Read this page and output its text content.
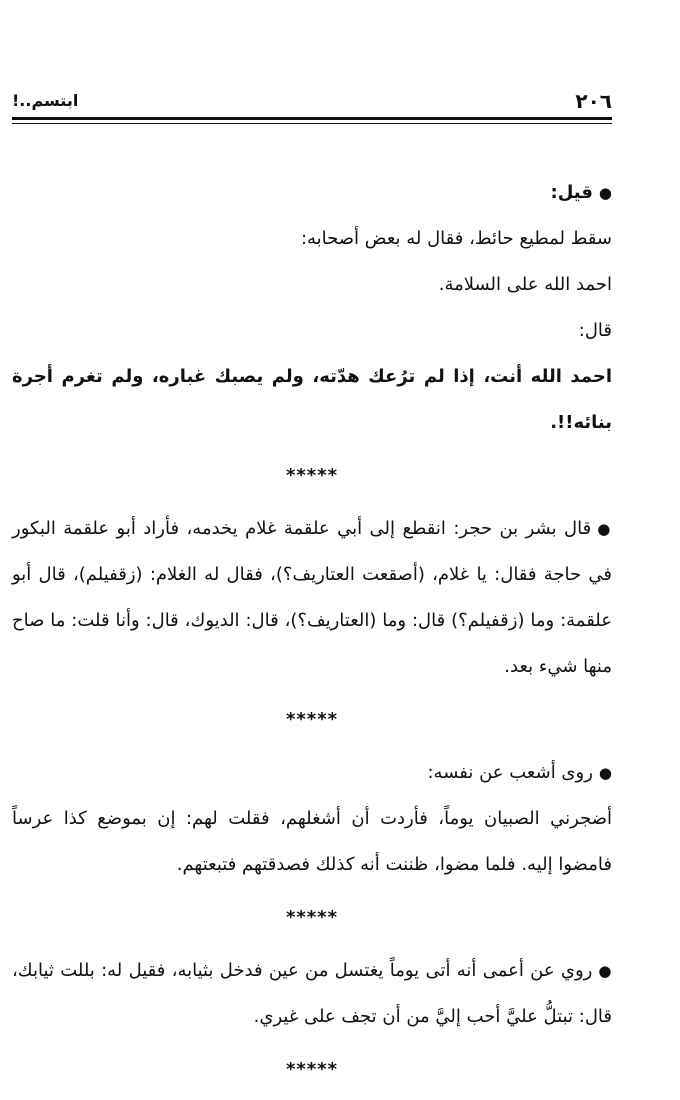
٢٠٦
ابتسم..!

●قيل:

سقط لمطيع حائط، فقال له بعض أصحابه:

احمد الله على السلامة.

قال:

احمد الله أنت، إذا لم ترُعك هدّته، ولم يصبك غباره، ولم تغرم أجرة بنائه!!.

*****

●قال بشر بن حجر: انقطع إلى أبي علقمة غلام يخدمه، فأراد أبو علقمة البكور في حاجة فقال: يا غلام، (أصقعت العتاريف؟)، فقال له الغلام: (زقفيلم)، قال أبو علقمة: وما (زقفيلم؟) قال: وما (العتاريف؟)، قال: الديوك، قال: وأنا قلت: ما صاح منها شيء بعد.

*****

●روى أشعب عن نفسه:

أضجرني الصبيان يوماً، فأردت أن أشغلهم، فقلت لهم: إن بموضع كذا عرساً فامضوا إليه. فلما مضوا، ظننت أنه كذلك فصدقتهم فتبعتهم.

*****

●روي عن أعمى أنه أتى يوماً يغتسل من عين فدخل بثيابه، فقيل له: بللت ثيابك، قال: تبتلُّ عليَّ أحب إليَّ من أن تجف على غيري.

*****
